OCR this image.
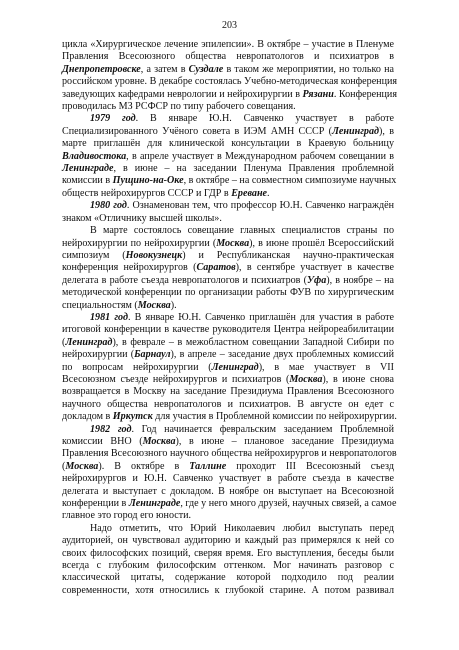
203
цикла «Хирургическое лечение эпилепсии». В октябре – участие в Пленуме
Правления Всесоюзного общества невропатологов и психиатров в
Днепропетровске, а затем в Суздале в таком же мероприятии, но только на
российском уровне. В декабре состоялась Учебно-методическая конференция
заведующих кафедрами неврологии и нейрохирургии в Рязани. Конференция
проводилась МЗ РСФСР по типу рабочего совещания.
1979 год. В январе Ю.Н. Савченко участвует в работе
Специализированного Учёного совета в ИЭМ АМН СССР (Ленинград), в
марте приглашён для клинической консультации в Краевую больницу
Владивостока, в апреле участвует в Международном рабочем совещании в
Ленинграде, в июне – на заседании Пленума Правления проблемной
комиссии в Пущино-на-Оке, в октябре – на совместном симпозиуме научных
обществ нейрохирургов СССР и ГДР в Ереване.
1980 год. Ознаменован тем, что профессор Ю.Н. Савченко награждён
знаком «Отличнику высшей школы».
В марте состоялось совещание главных специалистов страны по
нейрохирургии по нейрохирургии (Москва), в июне прошёл Всероссийский
симпозиум (Новокузнецк) и Республиканская научно-практическая
конференция нейрохирургов (Саратов), в сентябре участвует в качестве
делегата в работе съезда невропатологов и психиатров (Уфа), в ноябре – на
методической конференции по организации работы ФУВ по хирургическим
специальностям (Москва).
1981 год. В январе Ю.Н. Савченко приглашён для участия в работе
итоговой конференции в качестве руководителя Центра нейрореабилитации
(Ленинград), в феврале – в межобластном совещании Западной Сибири по
нейрохирургии (Барнаул), в апреле – заседание двух проблемных комиссий
по вопросам нейрохирургии (Ленинград), в мае участвует в VII
Всесоюзном съезде нейрохирургов и психиатров (Москва), в июне снова
возвращается в Москву на заседание Президиума Правления Всесоюзного
научного общества невропатологов и психиатров. В августе он едет с
докладом в Иркутск для участия в Проблемной комиссии по нейрохирургии.
1982 год. Год начинается февральским заседанием Проблемной
комиссии ВНО (Москва), в июне – плановое заседание Президиума
Правления Всесоюзного научного общества нейрохирургов и невропатологов
(Москва). В октябре в Таллине проходит III Всесоюзный съезд
нейрохирургов и Ю.Н. Савченко участвует в работе съезда в качестве
делегата и выступает с докладом. В ноябре он выступает на Всесоюзной
конференции в Ленинграде, где у него много друзей, научных связей, а самое
главное это город его юности.
Надо отметить, что Юрий Николаевич любил выступать перед
аудиторией, он чувствовал аудиторию и каждый раз примерялся к ней со
своих философских позиций, сверяя время. Его выступления, беседы были
всегда с глубоким философским оттенком. Мог начинать разговор с
классической цитаты, содержание которой подходило под реалии
современности, хотя относились к глубокой старине. А потом развивал
